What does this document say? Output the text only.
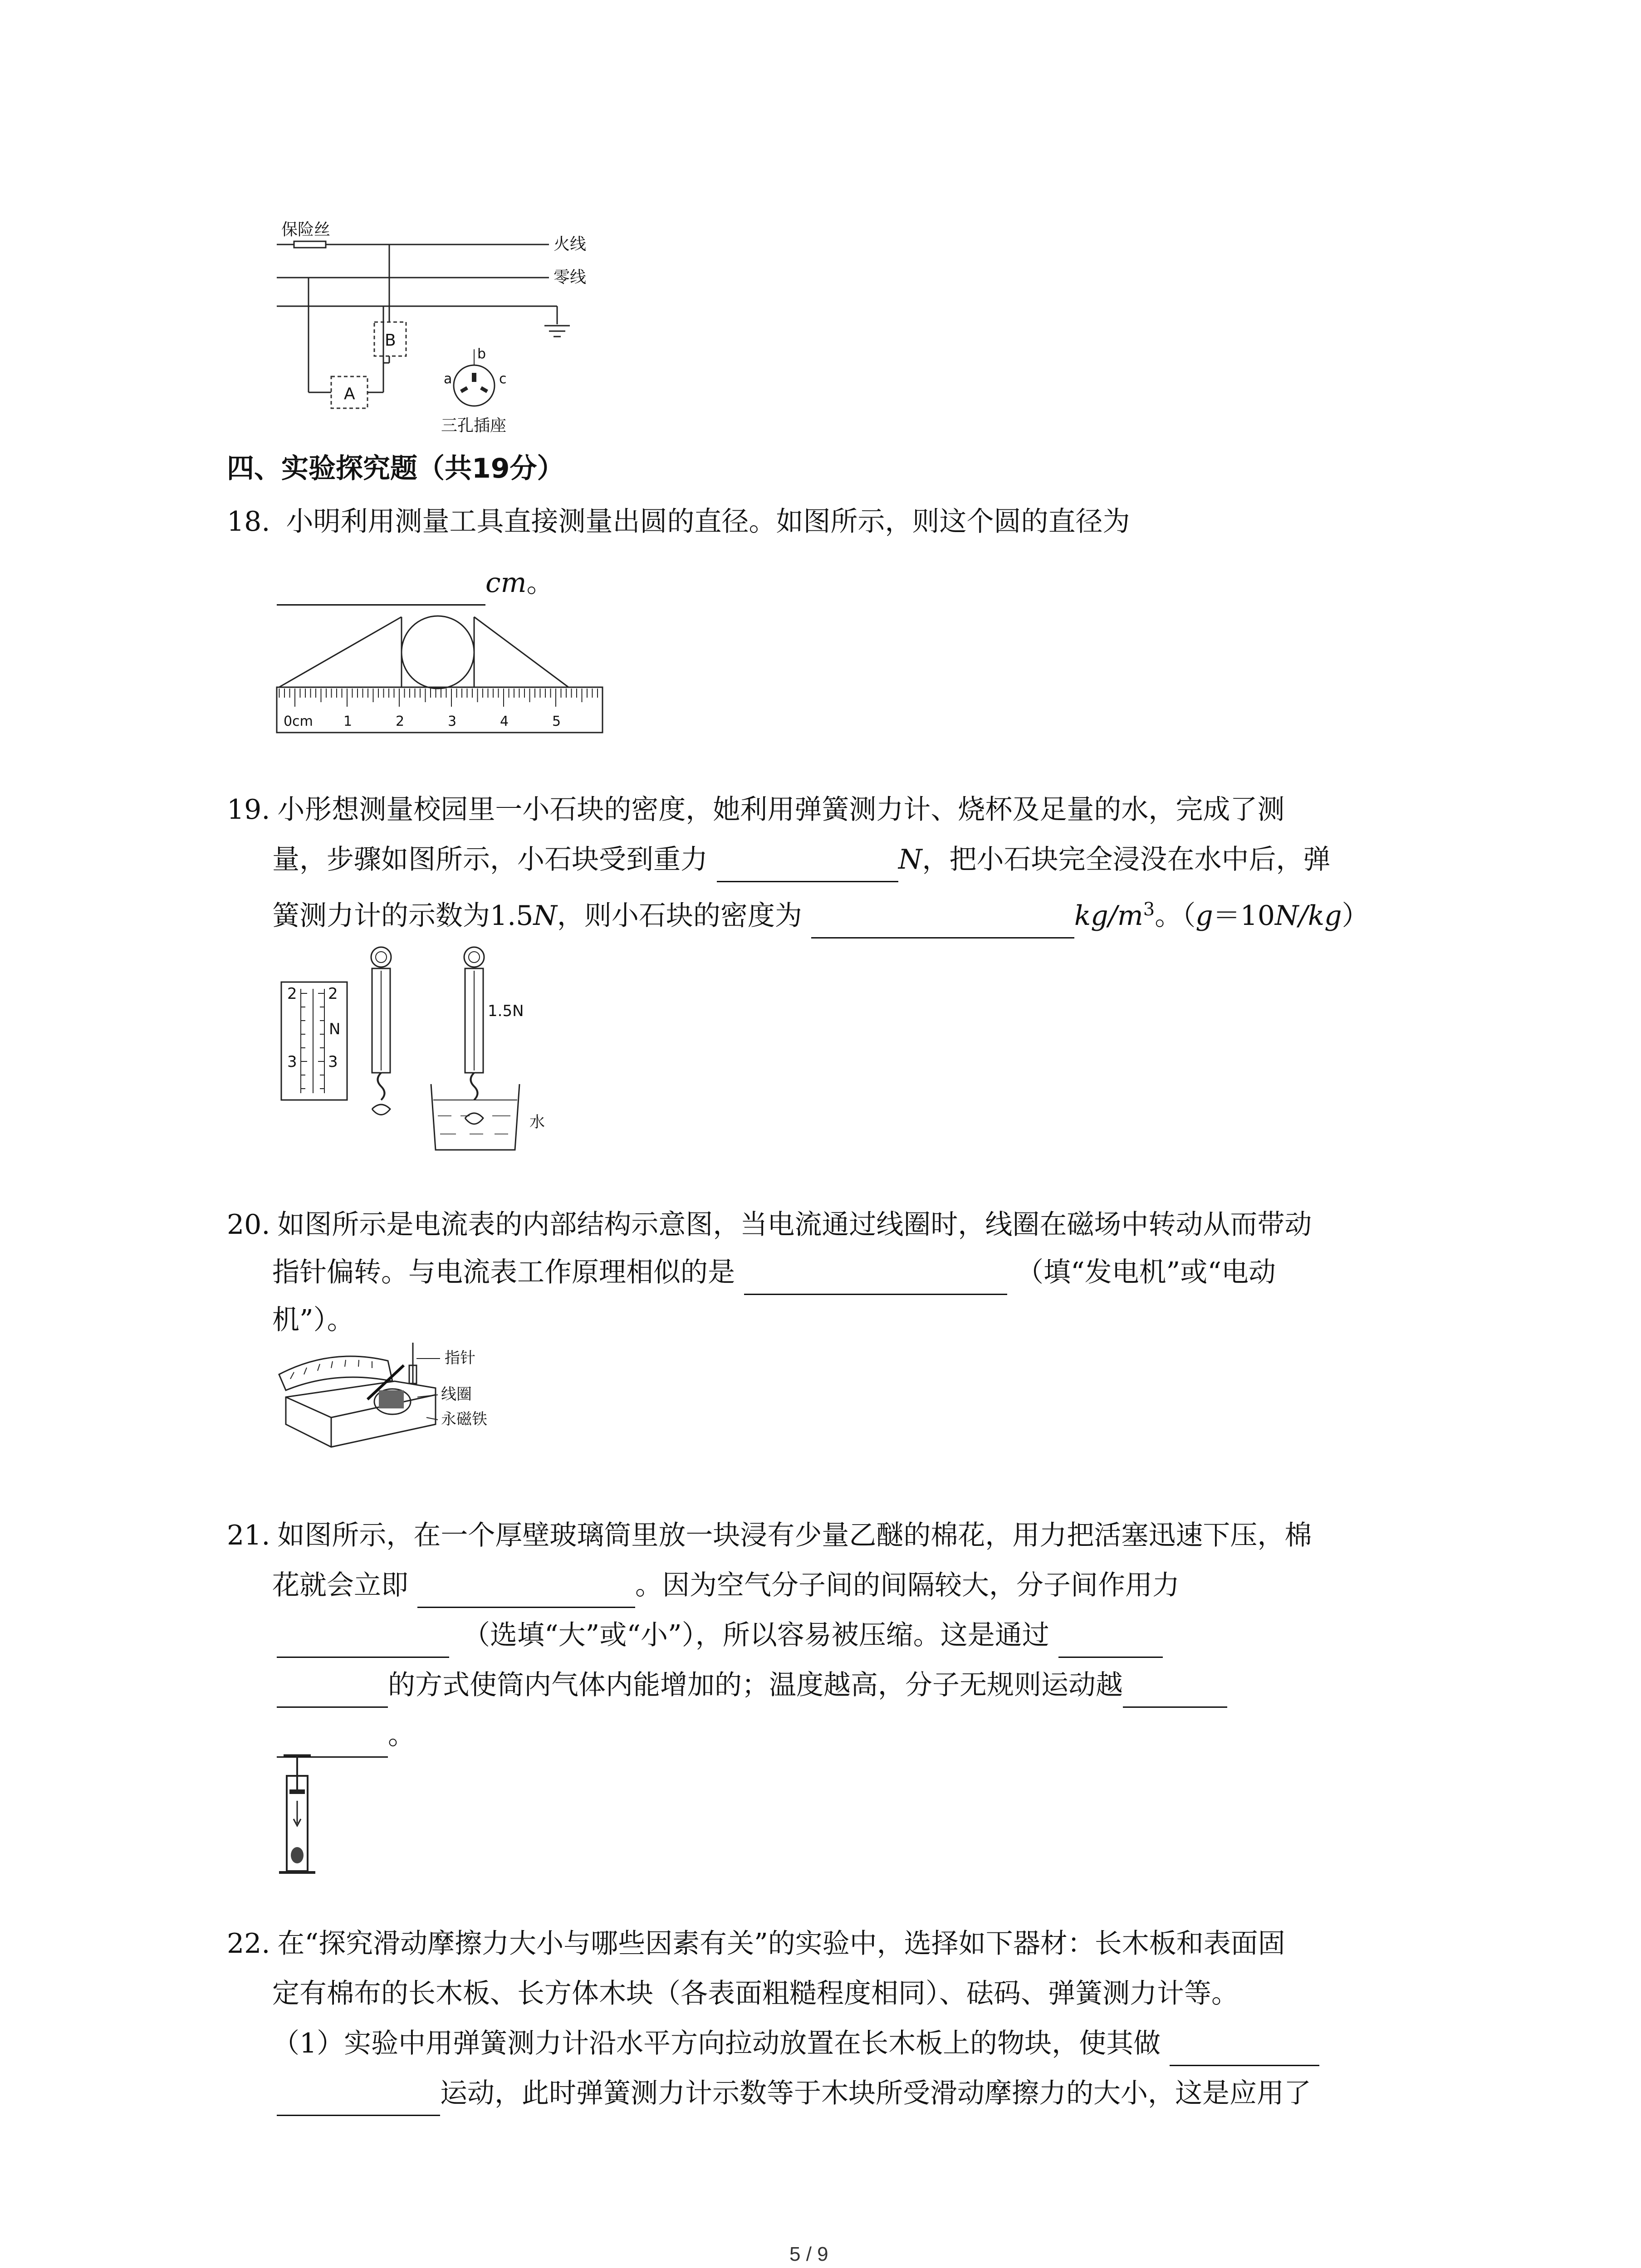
保险丝
火线
零线
A
B
a
b
c
三孔插座
四、实验探究题（共19分）
18. 小明利用测量工具直接测量出圆的直径。如图所示，则这个圆的直径为
cm。
0cm 1	2	3	4	5
19. 小彤想测量校园里一小石块的密度，她利用弹簧测力计、烧杯及足量的水，完成了测
量，步骤如图所示，小石块受到重力	N，把小石块完全浸没在水中后，弹
簧测力计的示数为1.5N，则小石块的密度为	$kg/m^3$。（g＝10N/kg）
2
3
2
3
N
1.5N
水
20. 如图所示是电流表的内部结构示意图，当电流通过线圈时，线圈在磁场中转动从而带动
指针偏转。与电流表工作原理相似的是	（填“发电机”或“电动
机”）。
指针
线圈
永磁铁
21. 如图所示，在一个厚壁玻璃筒里放一块浸有少量乙醚的棉花，用力把活塞迅速下压，棉
花就会立即	。因为空气分子间的间隔较大，分子间作用力
（选填“大”或“小”），所以容易被压缩。这是通过
的方式使筒内气体内能增加的；温度越高，分子无规则运动越
。
22. 在“探究滑动摩擦力大小与哪些因素有关”的实验中，选择如下器材：长木板和表面固
定有棉布的长木板、长方体木块（各表面粗糙程度相同）、砝码、弹簧测力计等。
（1）实验中用弹簧测力计沿水平方向拉动放置在长木板上的物块，使其做
运动，此时弹簧测力计示数等于木块所受滑动摩擦力的大小，这是应用了
5 / 9
